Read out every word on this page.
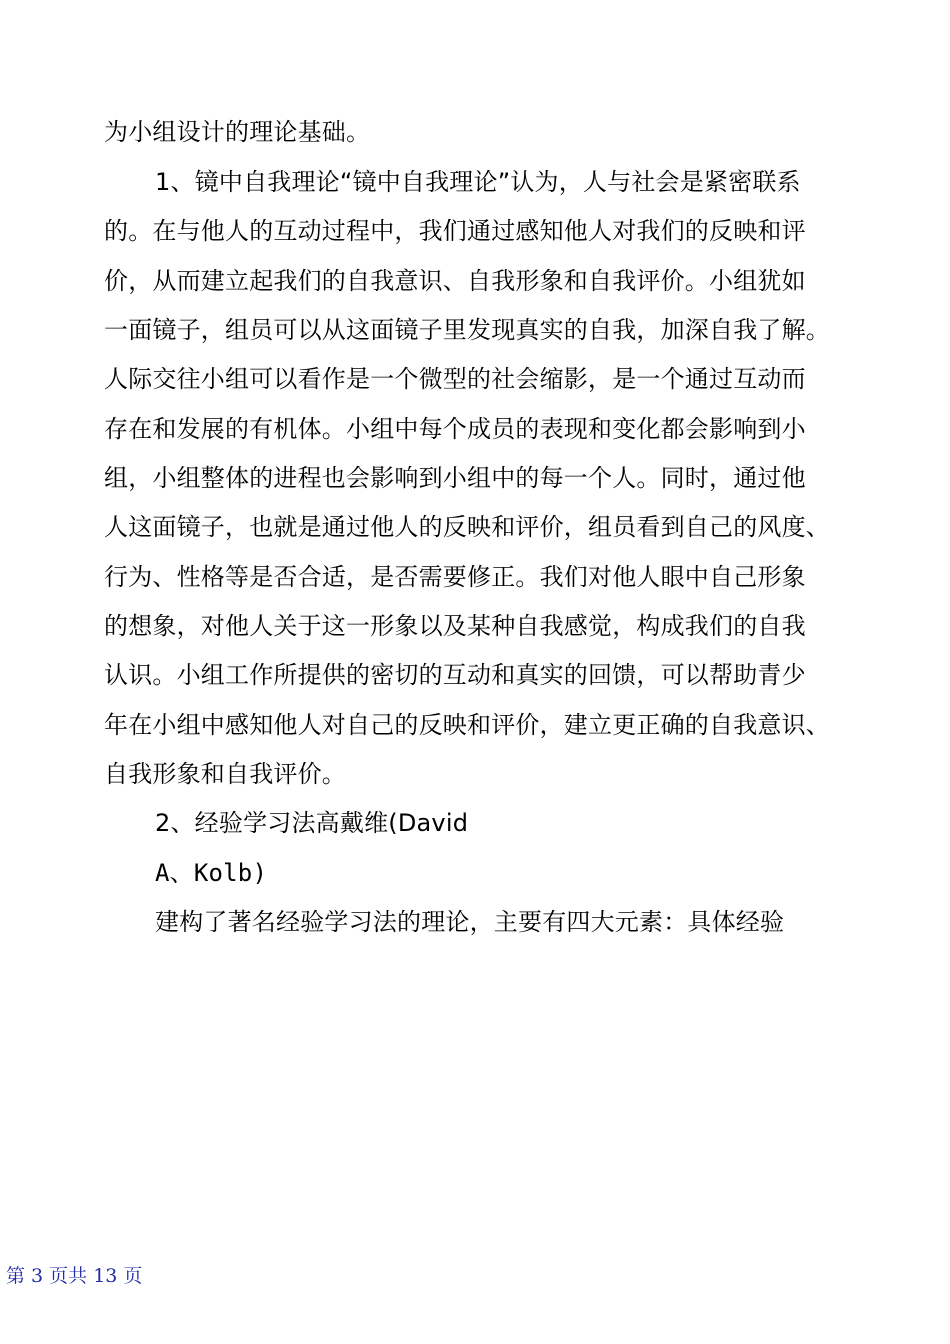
为小组设计的理论基础。
1、镜中自我理论“镜中自我理论”认为，人与社会是紧密联系
的。在与他人的互动过程中，我们通过感知他人对我们的反映和评
价，从而建立起我们的自我意识、自我形象和自我评价。小组犹如
一面镜子，组员可以从这面镜子里发现真实的自我，加深自我了解。
人际交往小组可以看作是一个微型的社会缩影，是一个通过互动而
存在和发展的有机体。小组中每个成员的表现和变化都会影响到小
组，小组整体的进程也会影响到小组中的每一个人。同时，通过他
人这面镜子，也就是通过他人的反映和评价，组员看到自己的风度、
行为、性格等是否合适，是否需要修正。我们对他人眼中自己形象
的想象，对他人关于这一形象以及某种自我感觉，构成我们的自我
认识。小组工作所提供的密切的互动和真实的回馈，可以帮助青少
年在小组中感知他人对自己的反映和评价，建立更正确的自我意识、
自我形象和自我评价。
2、经验学习法高戴维(David
A、Kolb)
建构了著名经验学习法的理论，主要有四大元素：具体经验
第 3 页共 13 页
